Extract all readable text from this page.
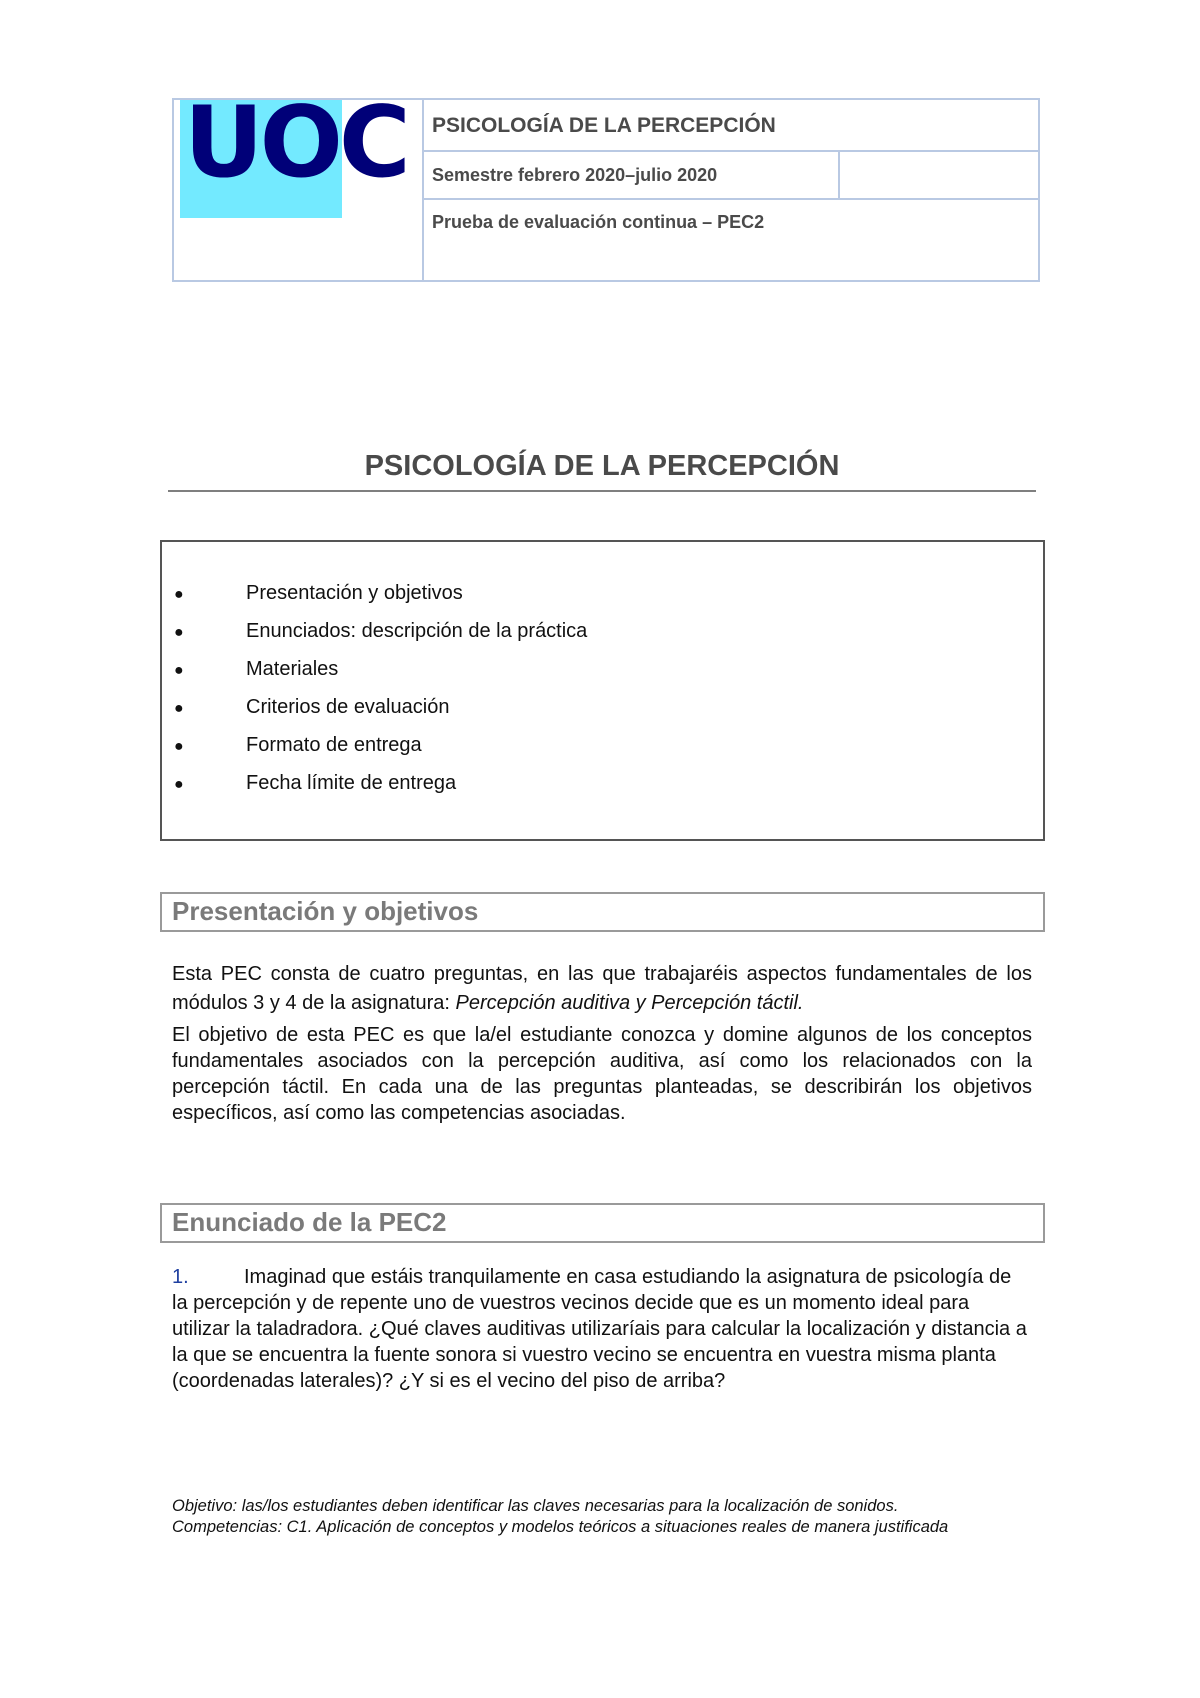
UOC	PSICOLOGÍA DE LA PERCEPCIÓN
Semestre febrero 2020–julio 2020
Prueba de evaluación continua – PEC2
PSICOLOGÍA DE LA PERCEPCIÓN
●	Presentación y objetivos
●	Enunciados: descripción de la práctica
●	Materiales
●	Criterios de evaluación
●	Formato de entrega
●	Fecha límite de entrega
Presentación y objetivos
Esta PEC consta de cuatro preguntas, en las que trabajaréis aspectos fundamentales de los módulos 3 y 4 de la asignatura: Percepción auditiva y Percepción táctil.
El objetivo de esta PEC es que la/el estudiante conozca y domine algunos de los conceptos fundamentales asociados con la percepción auditiva, así como los relacionados con la percepción táctil. En cada una de las preguntas planteadas, se describirán los objetivos específicos, así como las competencias asociadas.
Enunciado de la PEC2
1.	Imaginad que estáis tranquilamente en casa estudiando la asignatura de psicología de la percepción y de repente uno de vuestros vecinos decide que es un momento ideal para utilizar la taladradora. ¿Qué claves auditivas utilizaríais para calcular la localización y distancia a la que se encuentra la fuente sonora si vuestro vecino se encuentra en vuestra misma planta (coordenadas laterales)? ¿Y si es el vecino del piso de arriba?
Objetivo: las/los estudiantes deben identificar las claves necesarias para la localización de sonidos.
Competencias: C1. Aplicación de conceptos y modelos teóricos a situaciones reales de manera justificada
